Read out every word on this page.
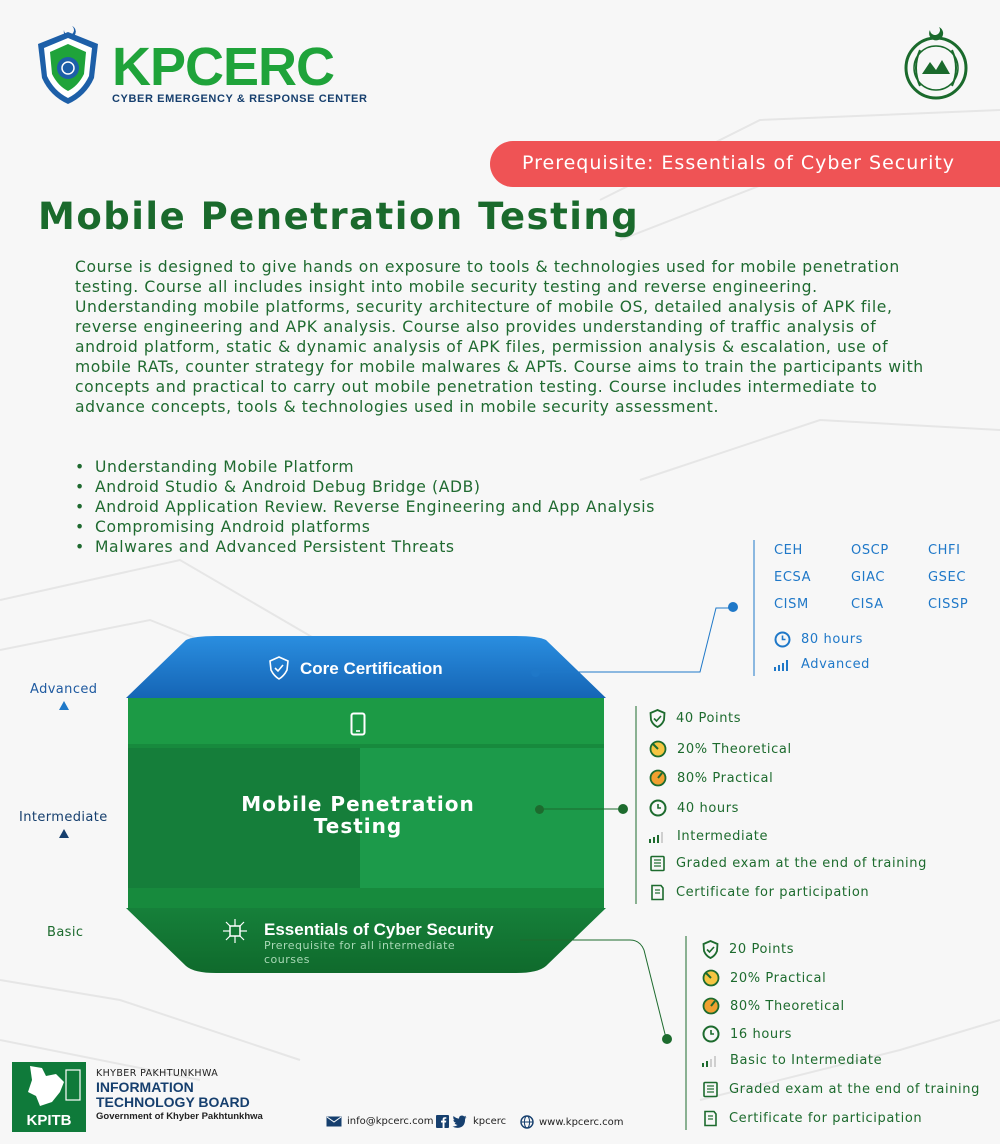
KPCERC
CYBER EMERGENCY & RESPONSE CENTER
Prerequisite: Essentials of Cyber Security
Mobile Penetration Testing
Course is designed to give hands on exposure to tools & technologies used for mobile penetration testing. Course all includes insight into mobile security testing and reverse engineering. Understanding mobile platforms, security architecture of mobile OS, detailed analysis of APK file, reverse engineering and APK analysis. Course also provides understanding of traffic analysis of android platform, static & dynamic analysis of APK files, permission analysis & escalation, use of mobile RATs, counter strategy for mobile malwares & APTs. Course aims to train the participants with concepts and practical to carry out mobile penetration testing. Course includes intermediate to advance concepts, tools & technologies used in mobile security assessment.
• Understanding Mobile Platform
• Android Studio & Android Debug Bridge (ADB)
• Android Application Review. Reverse Engineering and App Analysis
• Compromising Android platforms
• Malwares and Advanced Persistent Threats
Advanced
Intermediate
Basic
Core Certification
Mobile Penetration
Testing
Essentials of Cyber Security
Prerequisite for all intermediate courses
CEH	OSCP	CHFI
ECSA	GIAC	GSEC
CISM	CISA	CISSP
80 hours
Advanced
40 Points
20% Theoretical
80% Practical
40 hours
Intermediate
Graded exam at the end of training
Certificate for participation
20 Points
20% Practical
80% Theoretical
16 hours
Basic to Intermediate
Graded exam at the end of training
Certificate for participation
KPITB
KHYBER PAKHTUNKHWA
INFORMATION
TECHNOLOGY BOARD
Government of Khyber Pakhtunkhwa	info@kpcerc.com	kpcerc	www.kpcerc.com
